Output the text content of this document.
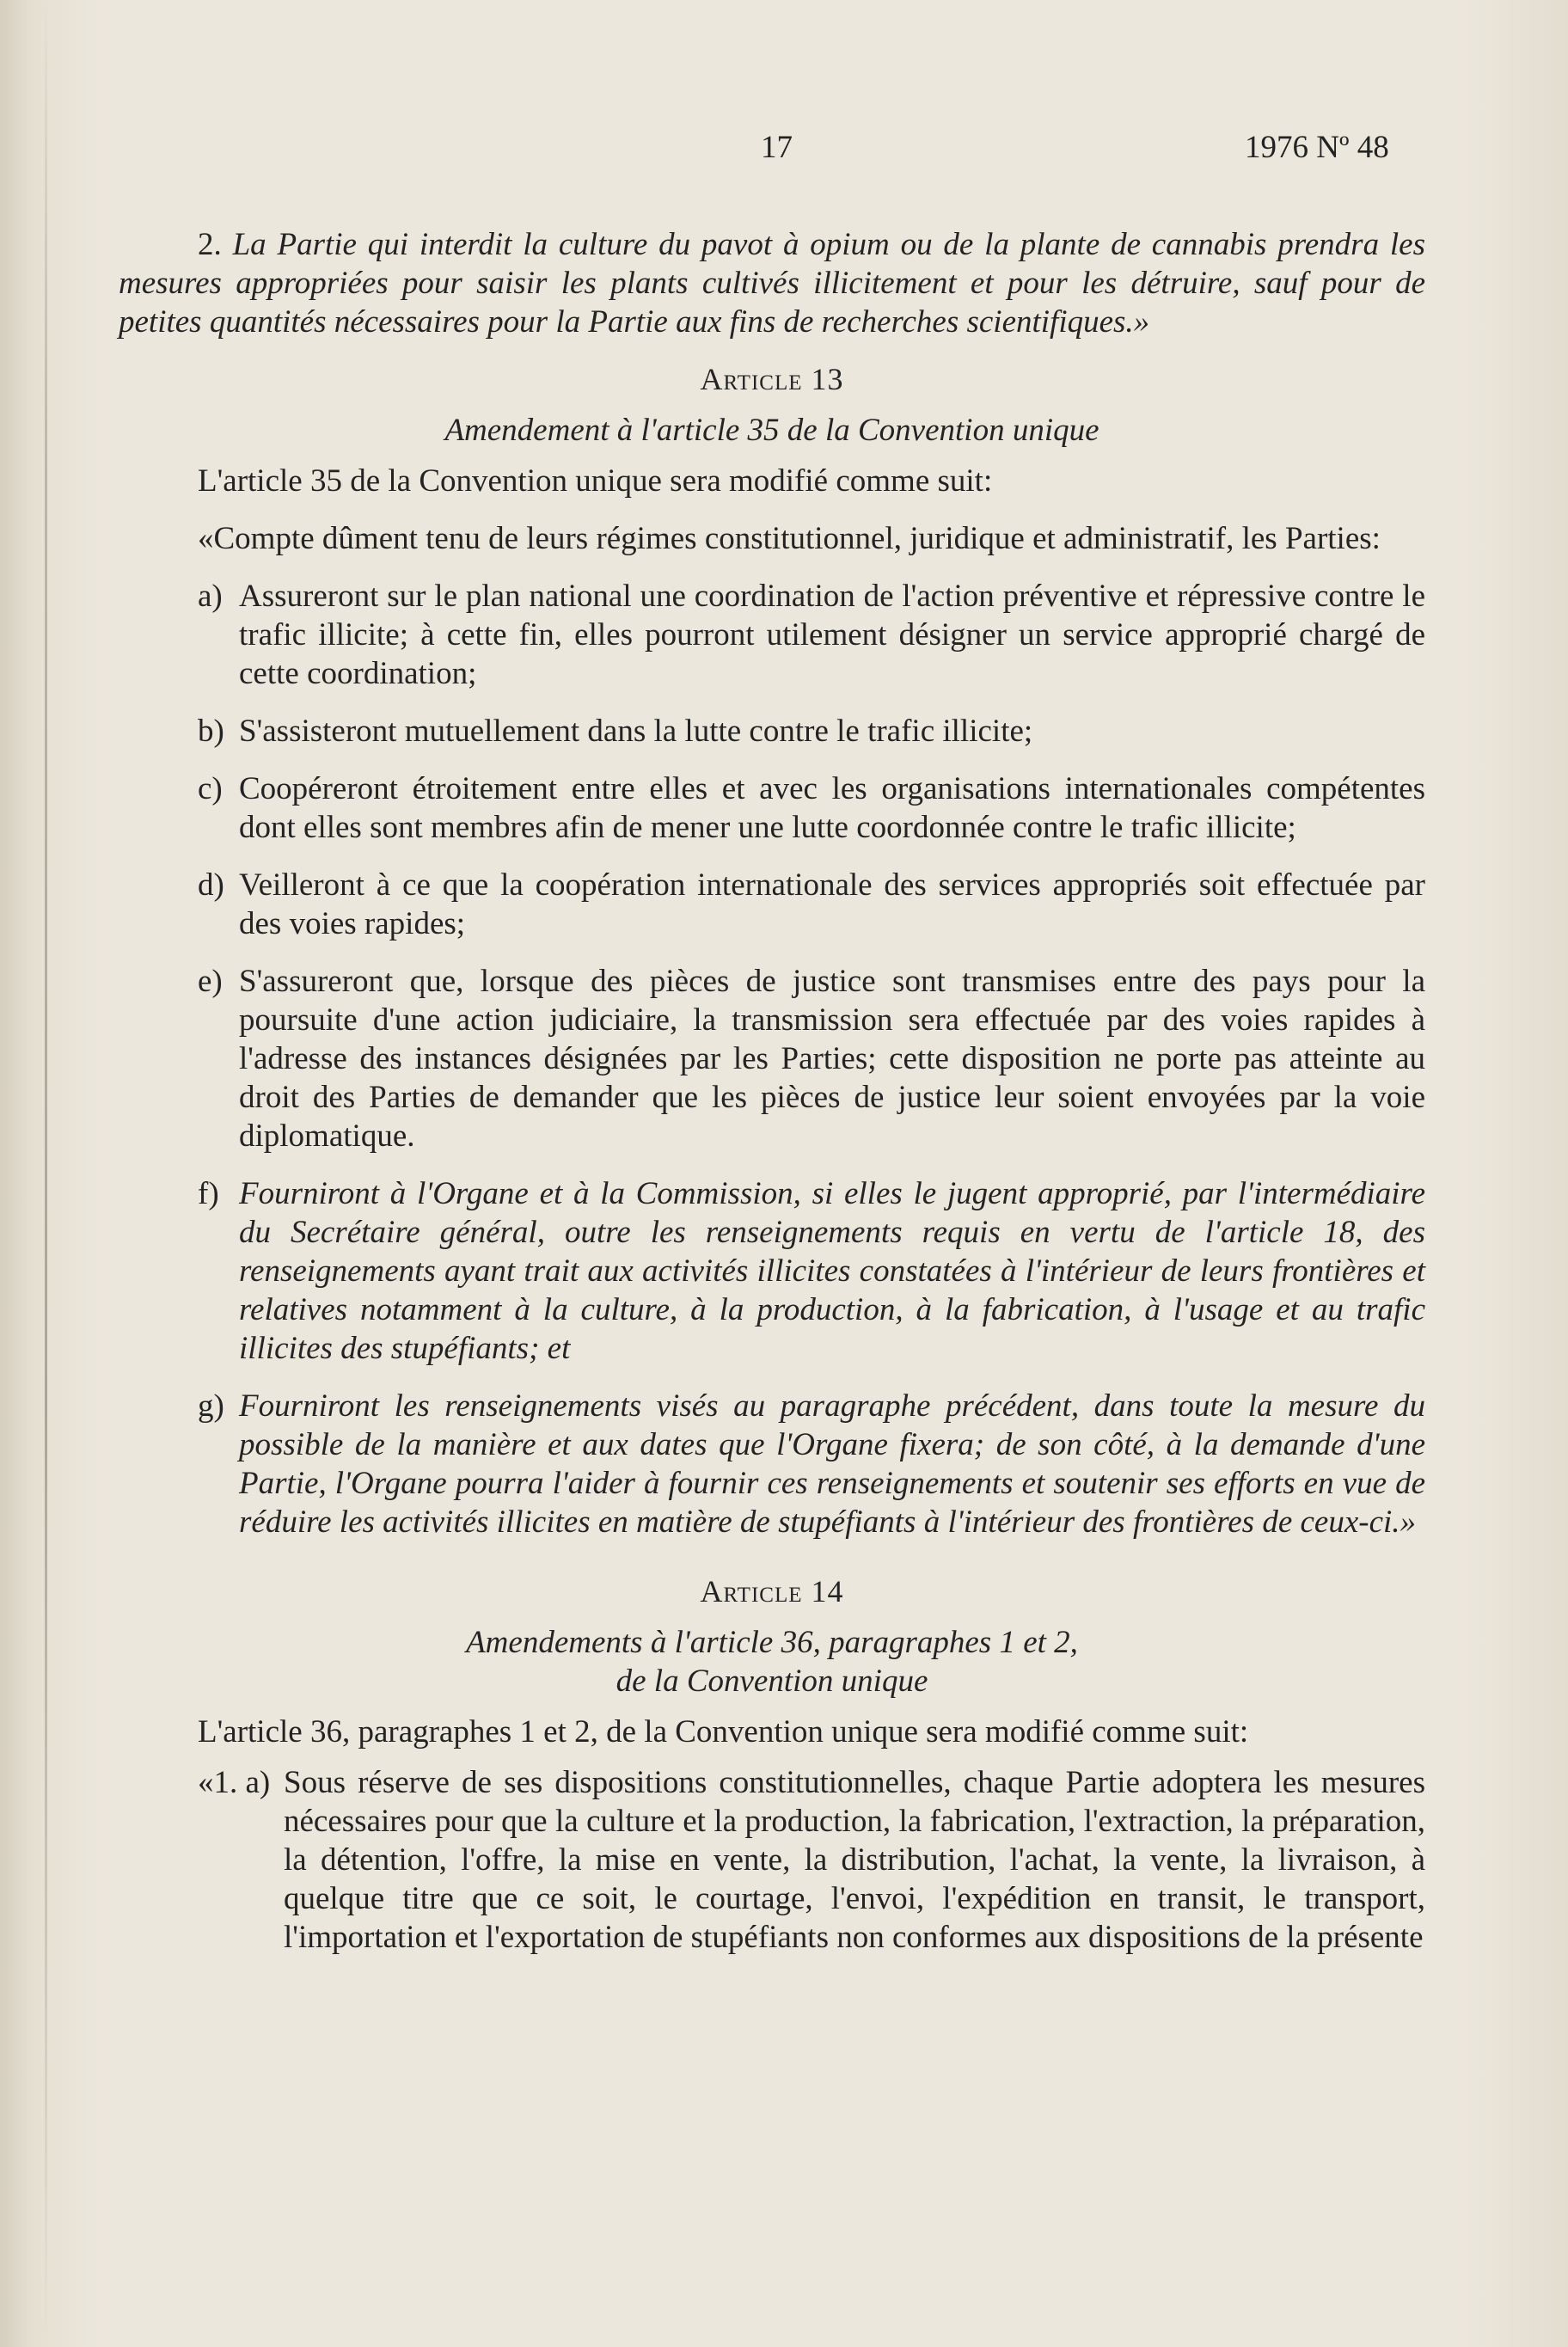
17	1976 Nº 48

2. La Partie qui interdit la culture du pavot à opium ou de la plante de cannabis prendra les mesures appropriées pour saisir les plants cultivés illicitement et pour les détruire, sauf pour de petites quantités nécessaires pour la Partie aux fins de recherches scientifiques.»

Article 13

Amendement à l'article 35 de la Convention unique

L'article 35 de la Convention unique sera modifié comme suit:

«Compte dûment tenu de leurs régimes constitutionnel, juridique et administratif, les Parties:

a) Assureront sur le plan national une coordination de l'action préventive et répressive contre le trafic illicite; à cette fin, elles pourront utilement désigner un service approprié chargé de cette coordination;
b) S'assisteront mutuellement dans la lutte contre le trafic illicite;
c) Coopéreront étroitement entre elles et avec les organisations internationales compétentes dont elles sont membres afin de mener une lutte coordonnée contre le trafic illicite;
d) Veilleront à ce que la coopération internationale des services appropriés soit effectuée par des voies rapides;
e) S'assureront que, lorsque des pièces de justice sont transmises entre des pays pour la poursuite d'une action judiciaire, la transmission sera effectuée par des voies rapides à l'adresse des instances désignées par les Parties; cette disposition ne porte pas atteinte au droit des Parties de demander que les pièces de justice leur soient envoyées par la voie diplomatique.
f) Fourniront à l'Organe et à la Commission, si elles le jugent approprié, par l'intermédiaire du Secrétaire général, outre les renseignements requis en vertu de l'article 18, des renseignements ayant trait aux activités illicites constatées à l'intérieur de leurs frontières et relatives notamment à la culture, à la production, à la fabrication, à l'usage et au trafic illicites des stupéfiants; et
g) Fourniront les renseignements visés au paragraphe précédent, dans toute la mesure du possible de la manière et aux dates que l'Organe fixera; de son côté, à la demande d'une Partie, l'Organe pourra l'aider à fournir ces renseignements et soutenir ses efforts en vue de réduire les activités illicites en matière de stupéfiants à l'intérieur des frontières de ceux-ci.»

Article 14

Amendements à l'article 36, paragraphes 1 et 2,

de la Convention unique

L'article 36, paragraphes 1 et 2, de la Convention unique sera modifié comme suit:

«1. a) Sous réserve de ses dispositions constitutionnelles, chaque Partie adoptera les mesures nécessaires pour que la culture et la production, la fabrication, l'extraction, la préparation, la détention, l'offre, la mise en vente, la distribution, l'achat, la vente, la livraison, à quelque titre que ce soit, le courtage, l'envoi, l'expédition en transit, le transport, l'importation et l'exportation de stupéfiants non conformes aux dispositions de la présente
